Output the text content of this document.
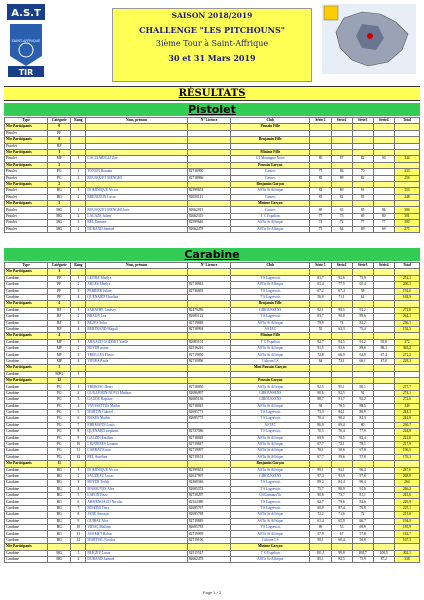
A.S.T
SAINT-AFFRIQUE
TIR
SAISON 2018/2019
CHALLENGE "LES PITCHOUNS"
3ième Tour à Saint-Affrique
30 et 31 Mars 2019
RÉSULTATS
Pistolet
Type	Catégorie	Rang	Nom, prénom	N° Licence	Club	Série 1	Série2	Série3	Série4	Total
Nbr Participants	0				Poussin Fille					
Pistolet	PF									
Nbr Participants	0				Benjamin Fille					
Pistolet	BF									
Nbr Participants	1				Minime Fille					
Pistolet	MF	1	CACCIARELLI Zoe		CT Montagne Noire	85	87	82	90	344
Nbr Participants	2				Poussin Garçon					
Pistolet	PG	1	TONON Romain	82718990	Castres	77	86	70		233
Pistolet	PG	2	BOUSQUET MENGHI	82718866	Castres	85	89	82		256
Nbr Participants	2				Benjamin Garçon					
Pistolet	BG	1	DOMINIQUE Victor	82599653	ASTir St Affrique	82	80	91		253
Pistolet	BG	2	BRENIZEIX Lucas	82650141	Castres	83	82	83		248
Nbr Participants	3				Minime Garçon					
Pistolet	MG	1	BOUSQUET MENGHI Joris	82662013	Castres	69	65	85	86	306
Pistolet	MG	2	LACAZE Julien	82662315	T C Espalion	77	75	69	80	301
Pistolet	MG	3	BEL Damien	82599646	ASTir St Affrique	74	72	77	77	300
Pistolet	MG	4	DURAND Samuel	82662478	ASTir St-Affrique	73	64	69	69	275
Carabine
Type	Catégorie	Rang	Nom, prénom	N° Licence	Club	Série 1	Série2	Série3	Série4	Total
Nbr Participants	3									
Carabine	PF	1	LEITRE Maëlys		T S Lagrevois	83,7	92,6	75,9		252,1
Carabine	PF	2	ARLES Maëlys	82718842	ASTir St-Affrique	63,4	77,5	65,4		206,3
Carabine	PF	3	PERRIER Juline	82736693	T S Lagrevois	67,2	67,4	58		192,6
Carabine	PF	4	QUENARD Charline		T S Lagrevois	56,9	71,1	61		184,9
Nbr Participants	4				Benjamin Fille					
Carabine	BF	1	SABATHE Lindsey	82479286	GIROUSSENS	92,1	98,5	92,2		272,8
Carabine	BF	2	BRAUN Lea	82685122	T S Lagrevois	83,7	90,8	89,6		264,1
Carabine	BF	3	BEZES Solia	82719848	ASTir St Affrique	79,9	74	82,2		236,1
Carabine	BF	4	BERTRAND Magali	82718994	ASTAC	55	62,3	75,4		192,5
Nbr Participants	4				Minime Fille					
Carabine	MF	1	ARNAUD GODDET Yaelle	82685101	T C Espalion	92,7	94,5	91,2	93,8	372
Carabine	MF	2	BOYER mann	82536216	ASTir St Affrique	91,5	93,6	89,8	88,3	363,2
Carabine	MF	3	TREILLES Flavie	82719850	ASTir St Affrique	72,8	66,9	64,8	67,4	272,2
Carabine	MF	4	VIEIRA Paola	82719096	Cuboon I S	64	72,1	66,1	47,8	228,3
Nbr Participants	1				Mini Poussin Garçon					
Carabine	MPG	1								
Nbr Participants	12				Poussin Garçon					
Carabine	PG	1	TREBOSC Henri	82718850	ASTir St Affrique	92,5	95,1	90,1		277,7
Carabine	PG	2	GUILLEMIN-NOVO Mathias	82696097	GIROUSSENS	90,6	92,5	91		274,1
Carabine	PG	3	GAUDE Baptiste	82685136	GIROUSSENS	88,7	91,7	92,2		272,6
Carabine	PG	4	VAYSSETTES Mathis	82718845	ASTir St Affrique	94	76,5	88,5		249
Carabine	PG	5	MARTIN Gabriel	82695771	T S Lagrevois	73,3	84,1	86,9		244,3
Carabine	PG	6	BAKES Mathis	82695775	T S Lagrevois	70,4	90,2	82,3		242,9
Carabine	PG	7	EHRMANN Louis		ASTAC	86,9	69,4	80		236,7
Carabine	PG	8	QUENARD stephane	82727586	T S Lagrevois	70,5	76,4	77,9		224,8
Carabine	PG	9	GALZIN Emilien	82718849	ASTir St Affrique	69,9	70,5	82,4		222,8
Carabine	PG	10	LIGNIERES Louann	82719847	ASTir St Affrique	67,7	72,1	78,1		217,9
Carabine	PG	11	CARRAT Ewan	82719097	ASTir St Affrique	78,1	50,6	67,8		196,5
Carabine	PG	12	BEL Aurélien	82719101	ASTir St Affrique	67,7	50,6	57,8		176,1
Nbr Participants	11				Benjamin Garçon					
Carabine	BG	1	DOMINIQUE Victor	82599653	ASTir St Affrique	99,1	92,1	96,4		287,6
Carabine	BG	2	SAUZEAU Lucas	82637997	GIROUSSENS	97,3	93,9	97,6		268,8
Carabine	BG	3	BOYER Teddy	82468346	T S Lagrevois	89,2	84,4	90,4		264
Carabine	BG	4	MASSUYES Alex	82685373	T S Lagrevois	75,7	88,9	91,6		246,2
Carabine	BG	5	LAFON Enzo	82718297	USCarmauxTir	90,8	73,7	81,1		245,6
Carabine	BG	6	ARMENGAUD Nicolas	82524380	T S Lagrevois	62,7	79,6	84,6		226,9
Carabine	BG	7	BOIZINI Timy	82695767	T S Lagrevois	60,9	87,4	76,8		225,1
Carabine	BG	8	JANE Antonin	82695768	ASTir St Affrique	72,2	71,6	72		215,8
Carabine	BG	9	GUIBAL Alex	82719849	ASTir St Affrique	61,4	65,9	66,7		194,0
Carabine	BG	10	VIDAL Mathias	82695783	T S Lagrevois	69	53	69,9		185,9
Carabine	BG	11	JAMMET Robin	82719099	ASTir St Affrique	57,9	67	57,8		182,7
Carabine	BG	12	MARTIAL Nicolas	82719106	Cuboon I S	50,1	60,4	56,8		167,3
Nbr Participants					Minime Garçon					
Carabine	MG	1	BLIGNY Lucas	82515517	T C Espalion	101,1	99,8	100,7	100,5	402,1
Carabine	MG	2	DURAND Samuel	82662478	ASTir St-Affrique	85,1	92,5	75,9	87,2	338
Page 1 / 2
